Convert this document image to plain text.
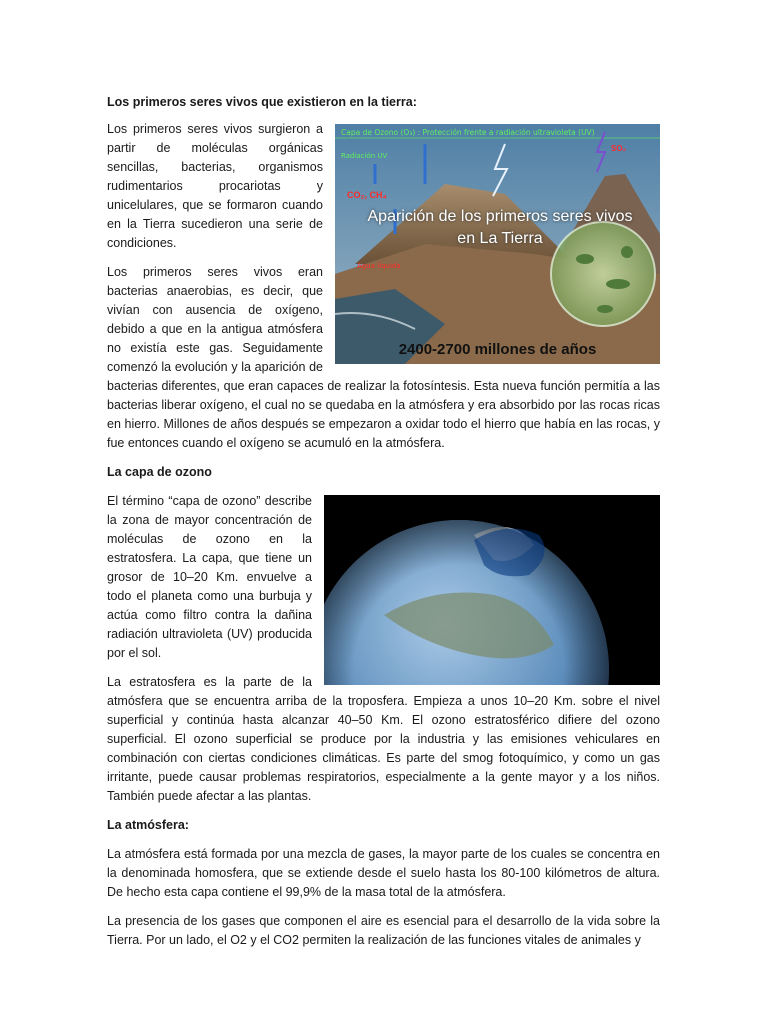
Los primeros seres vivos que existieron en la tierra:
Capa de Ozono (O₃) : Protección frente a radiación ultravioleta (UV)
Radiación UV
CO₂, CH₄
Agua líquida
SO₂
Aparición de los primeros seres vivos en La Tierra
2400-2700 millones de años

Los primeros seres vivos surgieron a partir de moléculas orgánicas sencillas, bacterias, organismos rudimentarios procariotas y unicelulares, que se formaron cuando en la Tierra sucedieron una serie de condiciones.

Los primeros seres vivos eran bacterias anaerobias, es decir, que vivían con ausencia de oxígeno, debido a que en la antigua atmósfera no existía este gas. Seguidamente comenzó la evolución y la aparición de bacterias diferentes, que eran capaces de realizar la fotosíntesis. Esta nueva función permitía a las bacterias liberar oxígeno, el cual no se quedaba en la atmósfera y era absorbido por las rocas ricas en hierro. Millones de años después se empezaron a oxidar todo el hierro que había en las rocas, y fue entonces cuando el oxígeno se acumuló en la atmósfera.

La capa de ozono

El término “capa de ozono” describe la zona de mayor concentración de moléculas de ozono en la estratosfera. La capa, que tiene un grosor de 10–20 Km. envuelve a todo el planeta como una burbuja y actúa como filtro contra la dañina radiación ultravioleta (UV) producida por el sol.

La estratosfera es la parte de la atmósfera que se encuentra arriba de la troposfera. Empieza a unos 10–20 Km. sobre el nivel superficial y continúa hasta alcanzar 40–50 Km. El ozono estratosférico difiere del ozono superficial. El ozono superficial se produce por la industria y las emisiones vehiculares en combinación con ciertas condiciones climáticas. Es parte del smog fotoquímico, y como un gas irritante, puede causar problemas respiratorios, especialmente a la gente mayor y a los niños. También puede afectar a las plantas.

La atmósfera:

La atmósfera está formada por una mezcla de gases, la mayor parte de los cuales se concentra en la denominada homosfera, que se extiende desde el suelo hasta los 80-100 kilómetros de altura. De hecho esta capa contiene el 99,9% de la masa total de la atmósfera.

La presencia de los gases que componen el aire es esencial para el desarrollo de la vida sobre la Tierra. Por un lado, el O2 y el CO2 permiten la realización de las funciones vitales de animales y
